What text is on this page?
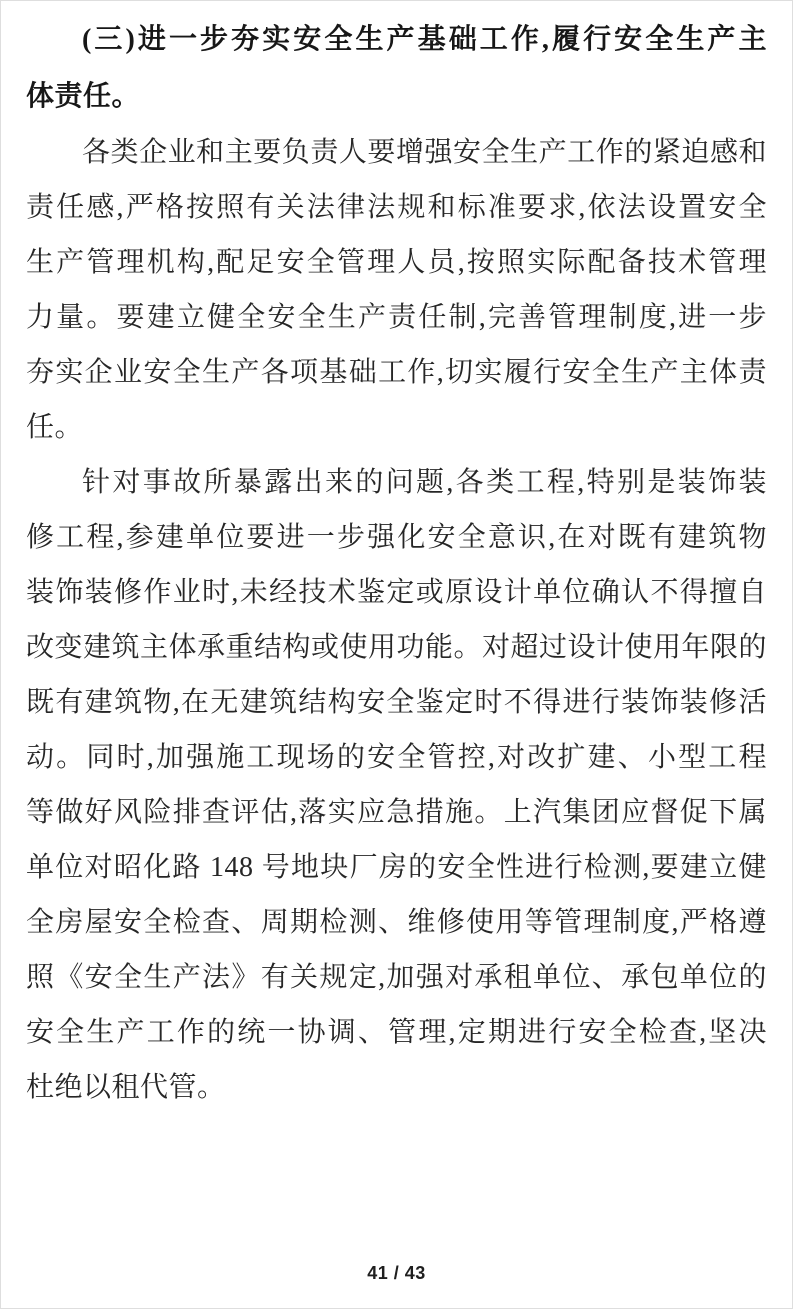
(三)进一步夯实安全生产基础工作,履行安全生产主
体责任。
各类企业和主要负责人要增强安全生产工作的紧迫感和
责任感,严格按照有关法律法规和标准要求,依法设置安全
生产管理机构,配足安全管理人员,按照实际配备技术管理
力量。要建立健全安全生产责任制,完善管理制度,进一步
夯实企业安全生产各项基础工作,切实履行安全生产主体责
任。
针对事故所暴露出来的问题,各类工程,特别是装饰装
修工程,参建单位要进一步强化安全意识,在对既有建筑物
装饰装修作业时,未经技术鉴定或原设计单位确认不得擅自
改变建筑主体承重结构或使用功能。对超过设计使用年限的
既有建筑物,在无建筑结构安全鉴定时不得进行装饰装修活
动。同时,加强施工现场的安全管控,对改扩建、小型工程
等做好风险排查评估,落实应急措施。上汽集团应督促下属
单位对昭化路 148 号地块厂房的安全性进行检测,要建立健
全房屋安全检查、周期检测、维修使用等管理制度,严格遵
照《安全生产法》有关规定,加强对承租单位、承包单位的
安全生产工作的统一协调、管理,定期进行安全检查,坚决
杜绝以租代管。
41 / 43
